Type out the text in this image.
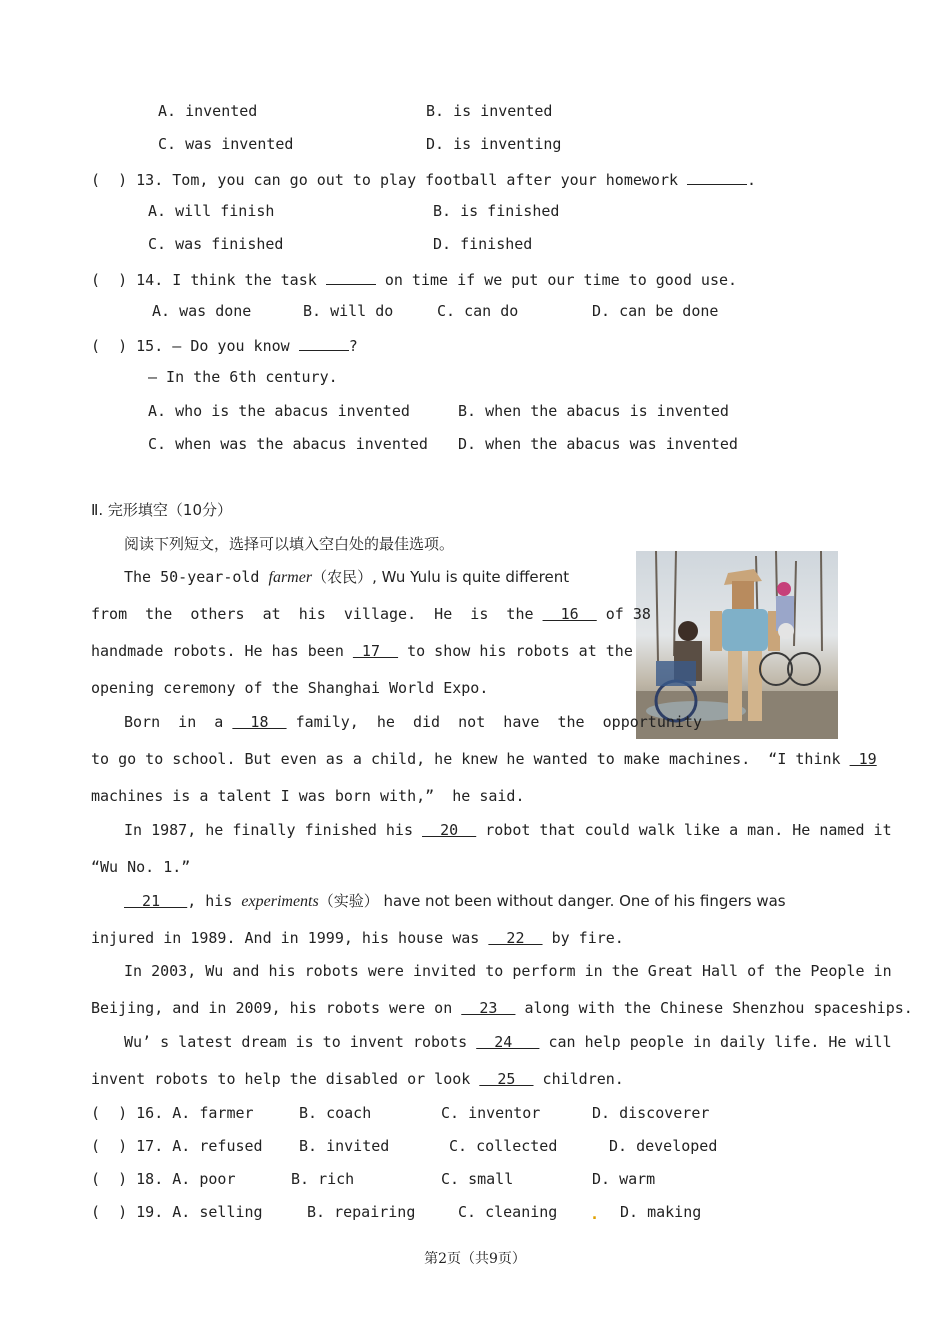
A. invented	B. is invented
C. was invented	D. is inventing
(  ) 13. Tom, you can go out to play football after your homework	.
A. will finish	B. is finished
C. was finished	D. finished
(  ) 14. I think the task	on time if we put our time to good use.
A. was done	B. will do	C. can do	D. can be done
(  ) 15. — Do you know	?
— In the 6th century.
A. who is the abacus invented	B. when the abacus is invented
C. when was the abacus invented D. when the abacus was invented
Ⅱ. 完形填空（10分）
阅读下列短文，选择可以填入空白处的最佳选项。
The 50-year-old farmer（农民）, Wu Yulu is quite different
from  the  others  at  his  village.  He  is  the   16   of 38
handmade robots. He has been  17   to show his robots at the
opening ceremony of the Shanghai World Expo.
Born  in  a   18   family,  he  did  not  have  the  opportunity
to go to school. But even as a child, he knew he wanted to make machines.  “I think  19
machines is a talent I was born with,”  he said.
In 1987, he finally finished his   20   robot that could walk like a man. He named it
“Wu No. 1.”
21   , his experiments（实验） have not been without danger. One of his fingers was
injured in 1989. And in 1999, his house was   22   by fire.
In 2003, Wu and his robots were invited to perform in the Great Hall of the People in
Beijing, and in 2009, his robots were on   23   along with the Chinese Shenzhou spaceships.
Wu’ s latest dream is to invent robots   24    can help people in daily life. He will
invent robots to help the disabled or look   25   children.
(  ) 16. A. farmer	B. coach	C. inventor	D. discoverer
(  ) 17. A. refused B. invited	C. collected	D. developed
(  ) 18. A. poor	B. rich	C. small	D. warm
(  ) 19. A. selling	B. repairing	C. cleaning . D. making
第2页（共9页）
